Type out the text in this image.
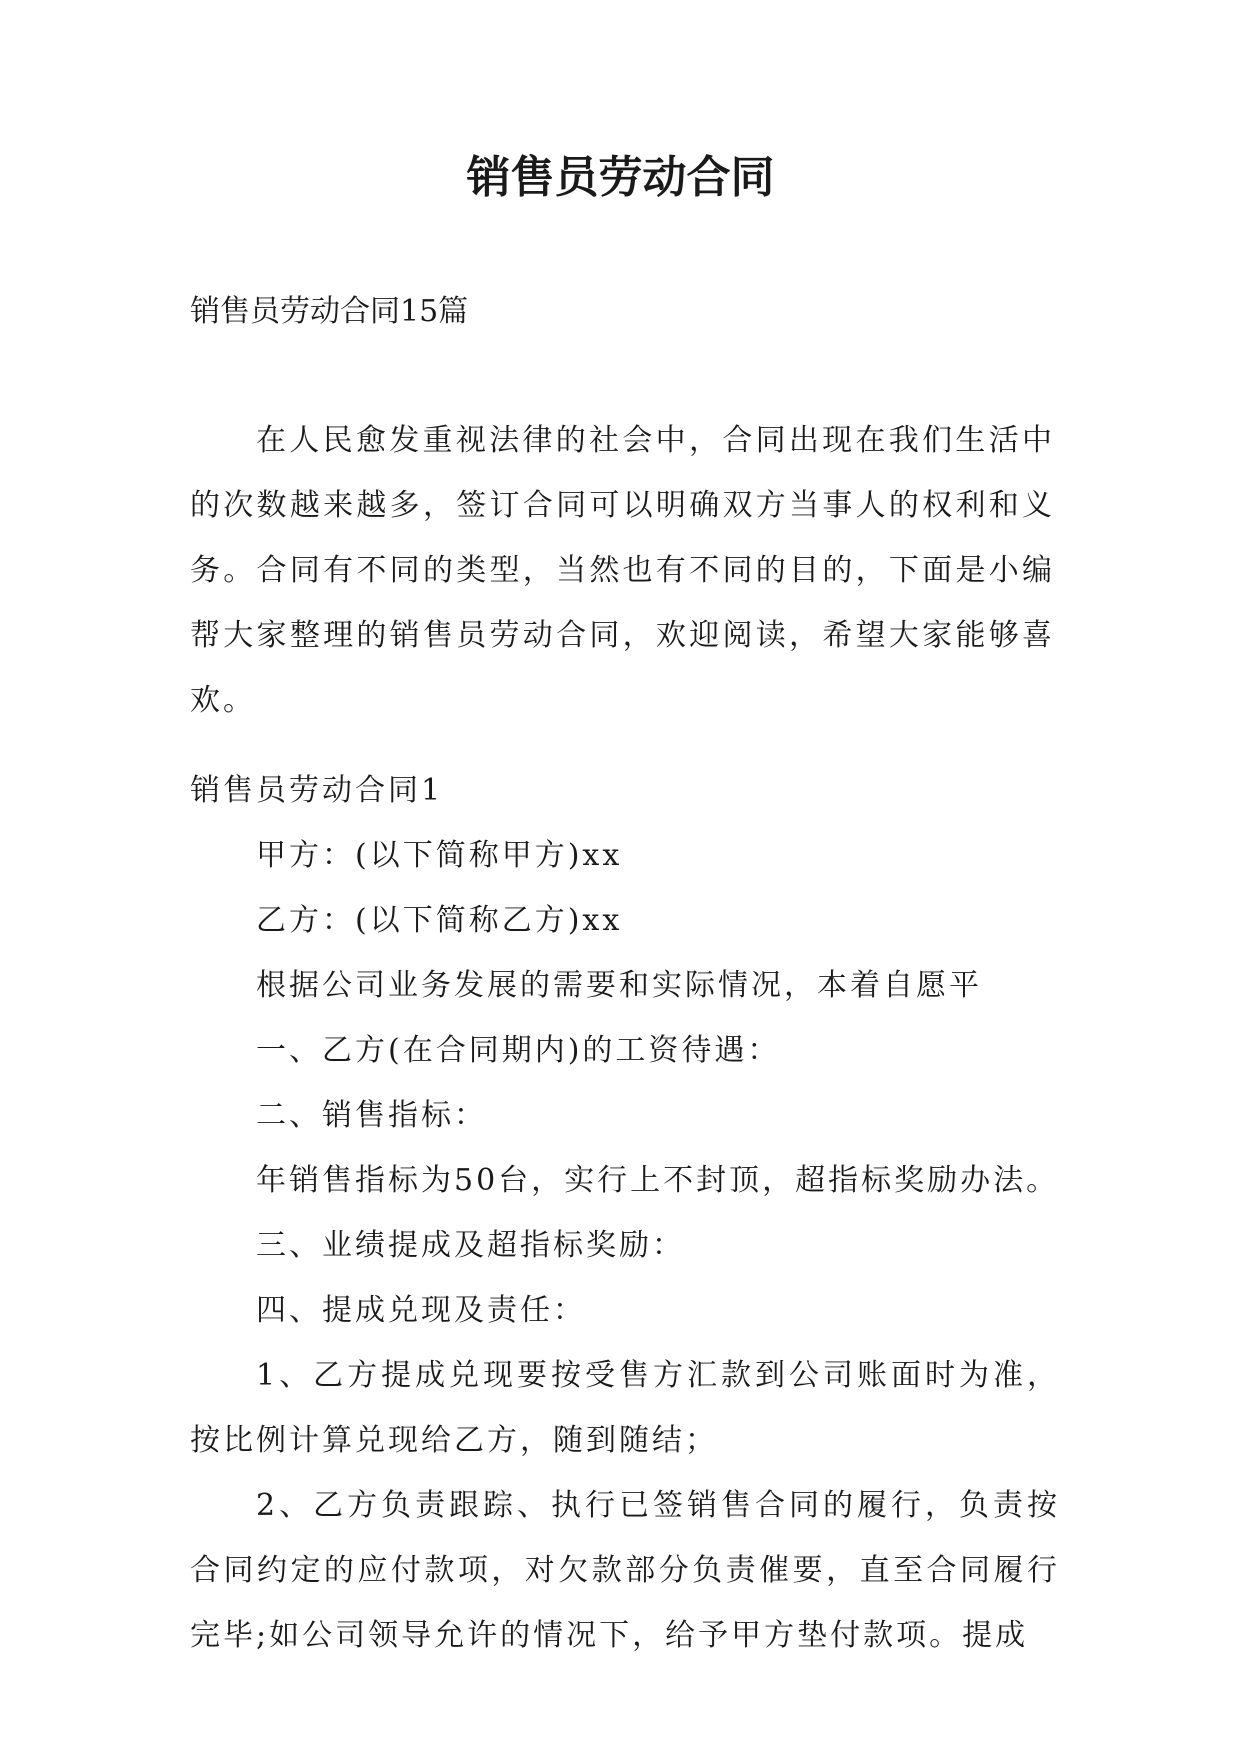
销售员劳动合同

销售员劳动合同15篇

在人民愈发重视法律的社会中，合同出现在我们生活中的次数越来越多，签订合同可以明确双方当事人的权利和义务。合同有不同的类型，当然也有不同的目的，下面是小编帮大家整理的销售员劳动合同，欢迎阅读，希望大家能够喜欢。

销售员劳动合同1

甲方：(以下简称甲方)xx

乙方：(以下简称乙方)xx

根据公司业务发展的需要和实际情况，本着自愿平

一、乙方(在合同期内)的工资待遇：

二、销售指标：

年销售指标为50台，实行上不封顶，超指标奖励办法。

三、业绩提成及超指标奖励：

四、提成兑现及责任：

1、乙方提成兑现要按受售方汇款到公司账面时为准，按比例计算兑现给乙方，随到随结；

2、乙方负责跟踪、执行已签销售合同的履行，负责按合同约定的应付款项，对欠款部分负责催要，直至合同履行完毕;如公司领导允许的情况下，给予甲方垫付款项。提成
